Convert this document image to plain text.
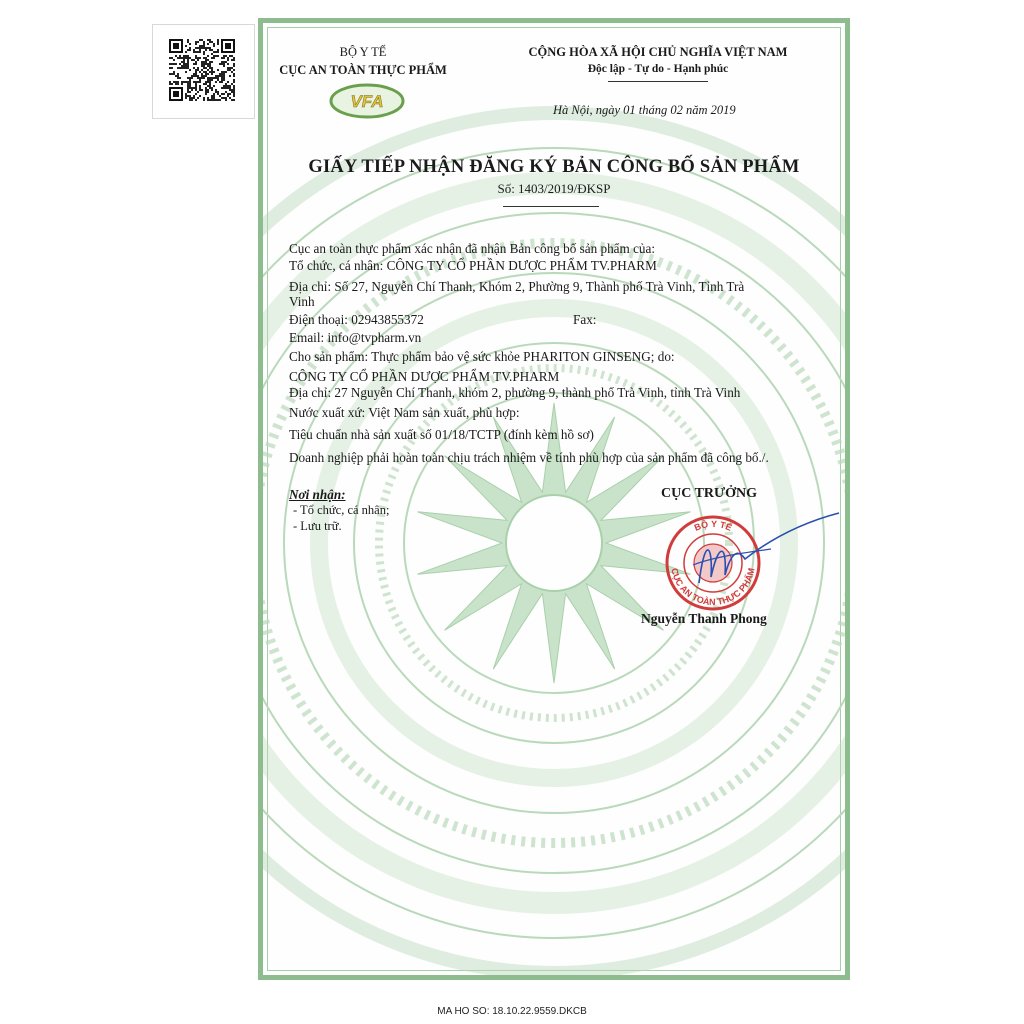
BỘ Y TẾ
CỤC AN TOÀN THỰC PHẨM
VFA
CỘNG HÒA XÃ HỘI CHỦ NGHĨA VIỆT NAM
Độc lập - Tự do - Hạnh phúc
Hà Nội, ngày 01 tháng 02 năm 2019
GIẤY TIẾP NHẬN ĐĂNG KÝ BẢN CÔNG BỐ SẢN PHẨM
Số: 1403/2019/ĐKSP
Cục an toàn thực phẩm xác nhận đã nhận Bản công bố sản phẩm của:
Tổ chức, cá nhân: CÔNG TY CỔ PHẦN DƯỢC PHẨM TV.PHARM
Địa chỉ: Số 27, Nguyễn Chí Thanh, Khóm 2, Phường 9, Thành phố Trà Vinh, Tỉnh Trà
Vinh
Điện thoại: 02943855372	Fax:
Email: info@tvpharm.vn
Cho sản phẩm: Thực phẩm bảo vệ sức khỏe PHARITON GINSENG; do:
CÔNG TY CỔ PHẦN DƯỢC PHẨM TV.PHARM
Địa chỉ: 27 Nguyễn Chí Thanh, khóm 2, phường 9, thành phố Trà Vinh, tỉnh Trà Vinh
Nước xuất xứ: Việt Nam sản xuất, phù hợp:
Tiêu chuẩn nhà sản xuất số 01/18/TCTP (đính kèm hồ sơ)
Doanh nghiệp phải hoàn toàn chịu trách nhiệm về tính phù hợp của sản phẩm đã công bố./.
Nơi nhận:
- Tổ chức, cá nhân;
- Lưu trữ.
CỤC TRƯỞNG
BỘ Y TẾ
CỤC AN TOÀN THỰC PHẨM
Nguyễn Thanh Phong
MA HO SO: 18.10.22.9559.DKCB
